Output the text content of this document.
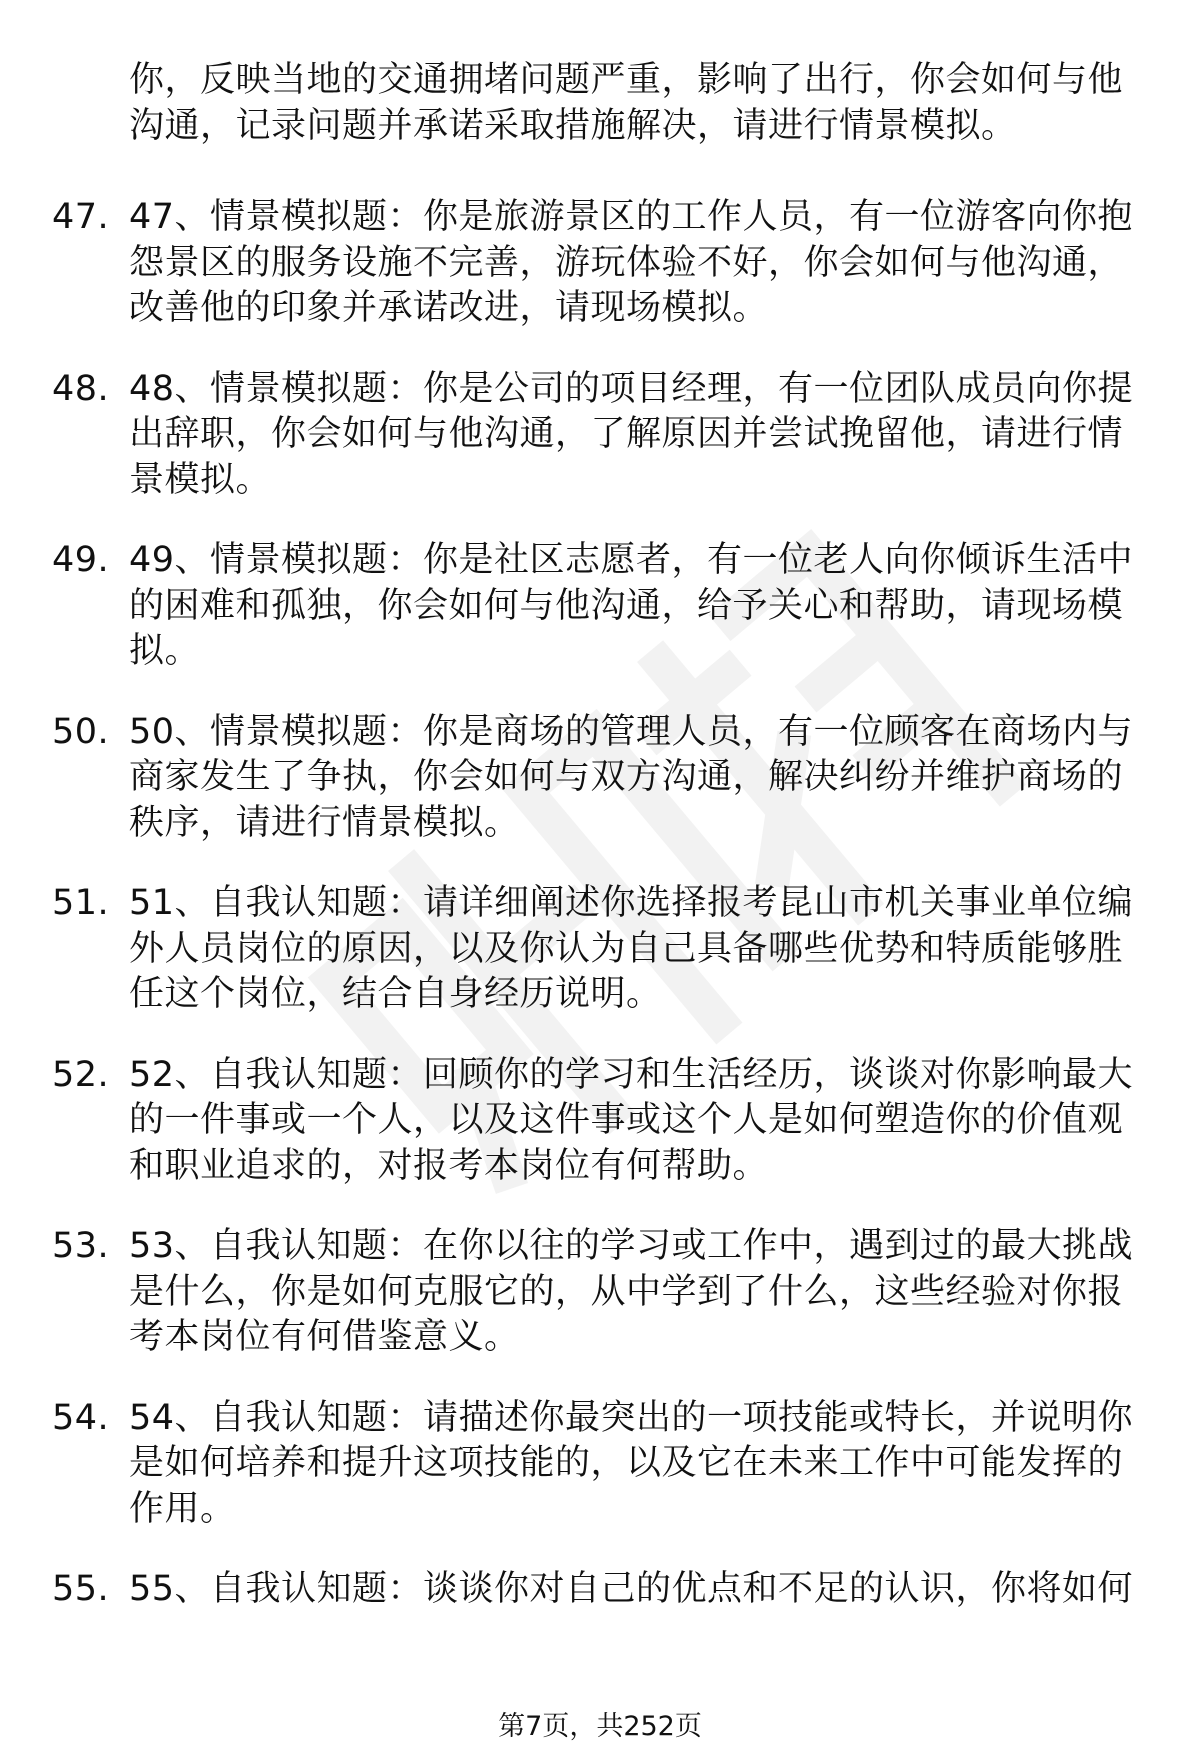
你，反映当地的交通拥堵问题严重，影响了出行，你会如何与他沟通，记录问题并承诺采取措施解决，请进行情景模拟。
47. 47、情景模拟题：你是旅游景区的工作人员，有一位游客向你抱怨景区的服务设施不完善，游玩体验不好，你会如何与他沟通，改善他的印象并承诺改进，请现场模拟。
48. 48、情景模拟题：你是公司的项目经理，有一位团队成员向你提出辞职，你会如何与他沟通，了解原因并尝试挽留他，请进行情景模拟。
49. 49、情景模拟题：你是社区志愿者，有一位老人向你倾诉生活中的困难和孤独，你会如何与他沟通，给予关心和帮助，请现场模拟。
50. 50、情景模拟题：你是商场的管理人员，有一位顾客在商场内与商家发生了争执，你会如何与双方沟通，解决纠纷并维护商场的秩序，请进行情景模拟。
51. 51、自我认知题：请详细阐述你选择报考昆山市机关事业单位编外人员岗位的原因，以及你认为自己具备哪些优势和特质能够胜任这个岗位，结合自身经历说明。
52. 52、自我认知题：回顾你的学习和生活经历，谈谈对你影响最大的一件事或一个人，以及这件事或这个人是如何塑造你的价值观和职业追求的，对报考本岗位有何帮助。
53. 53、自我认知题：在你以往的学习或工作中，遇到过的最大挑战是什么，你是如何克服它的，从中学到了什么，这些经验对你报考本岗位有何借鉴意义。
54. 54、自我认知题：请描述你最突出的一项技能或特长，并说明你是如何培养和提升这项技能的，以及它在未来工作中可能发挥的作用。
55. 55、自我认知题：谈谈你对自己的优点和不足的认识，你将如何
第7页，共252页
